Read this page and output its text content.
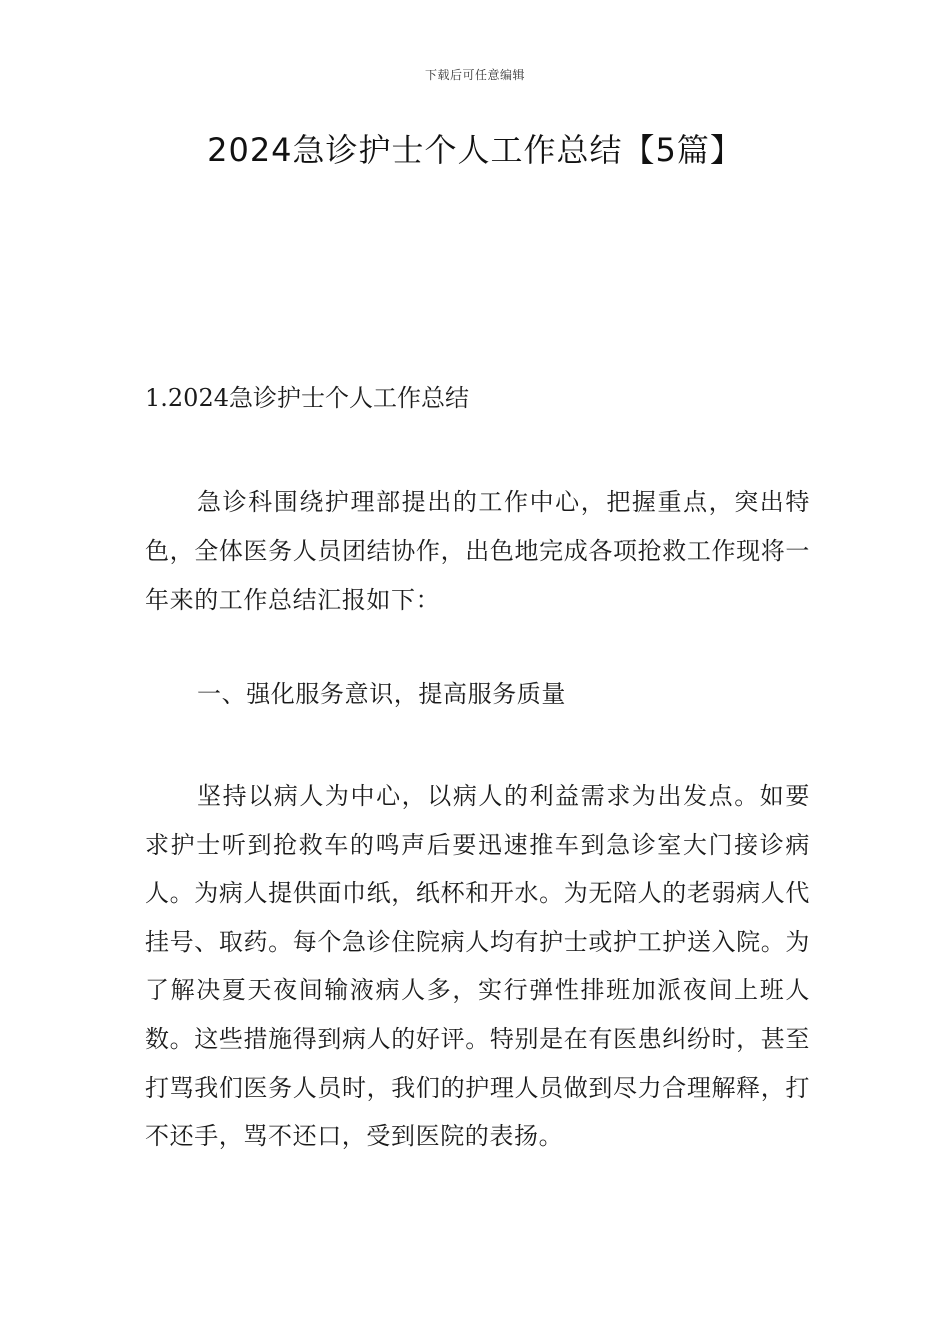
下载后可任意编辑
2024急诊护士个人工作总结【5篇】
1.2024急诊护士个人工作总结

急诊科围绕护理部提出的工作中心，把握重点，突出特色，全体医务人员团结协作，出色地完成各项抢救工作现将一年来的工作总结汇报如下：

一、强化服务意识，提高服务质量

坚持以病人为中心，以病人的利益需求为出发点。如要求护士听到抢救车的鸣声后要迅速推车到急诊室大门接诊病人。为病人提供面巾纸，纸杯和开水。为无陪人的老弱病人代挂号、取药。每个急诊住院病人均有护士或护工护送入院。为了解决夏天夜间输液病人多，实行弹性排班加派夜间上班人数。这些措施得到病人的好评。特别是在有医患纠纷时，甚至打骂我们医务人员时，我们的护理人员做到尽力合理解释，打不还手，骂不还口，受到医院的表扬。
